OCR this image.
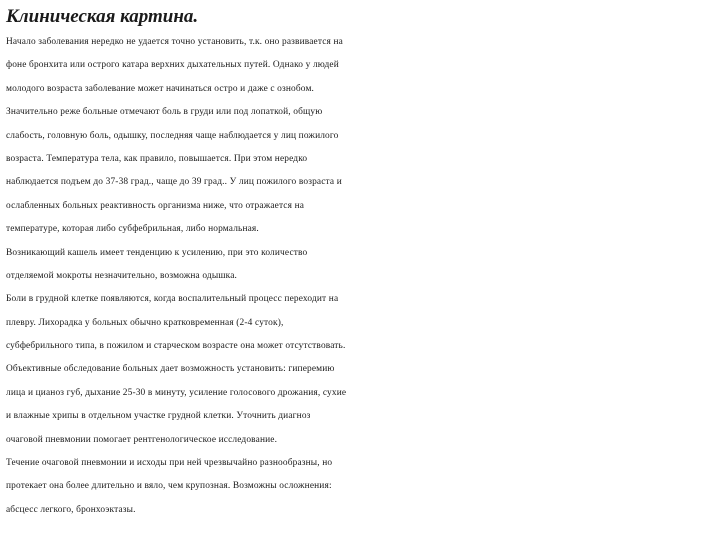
Клиническая картина.
Начало заболевания нередко не удается точно установить, т.к. оно развивается на
фоне бронхита или острого катара верхних дыхательных путей. Однако у людей
молодого возраста заболевание может начинаться остро и даже с ознобом.
Значительно реже больные отмечают боль в груди или под лопаткой, общую
слабость, головную боль, одышку, последняя чаще наблюдается у лиц пожилого
возраста. Температура тела, как правило, повышается. При этом нередко
наблюдается подъем до 37-38 град., чаще до 39 град.. У лиц пожилого возраста и
ослабленных больных реактивность организма ниже, что отражается на
температуре, которая либо субфебрильная, либо нормальная.
Возникающий кашель имеет тенденцию к усилению, при это количество
отделяемой мокроты незначительно, возможна одышка.
Боли в грудной клетке появляются, когда воспалительный процесс переходит на
плевру. Лихорадка у больных обычно кратковременная (2-4 суток),
субфебрильного типа, в пожилом и старческом возрасте она может отсутствовать.
Объективные обследование больных дает возможность установить: гиперемию
лица и цианоз губ, дыхание 25-30 в минуту, усиление голосового дрожания, сухие
и влажные хрипы в отдельном участке грудной клетки. Уточнить диагноз
очаговой пневмонии помогает рентгенологическое исследование.
Течение очаговой пневмонии и исходы при ней чрезвычайно разнообразны, но
протекает она более длительно и вяло, чем крупозная. Возможны осложнения:
абсцесс легкого, бронхоэктазы.
